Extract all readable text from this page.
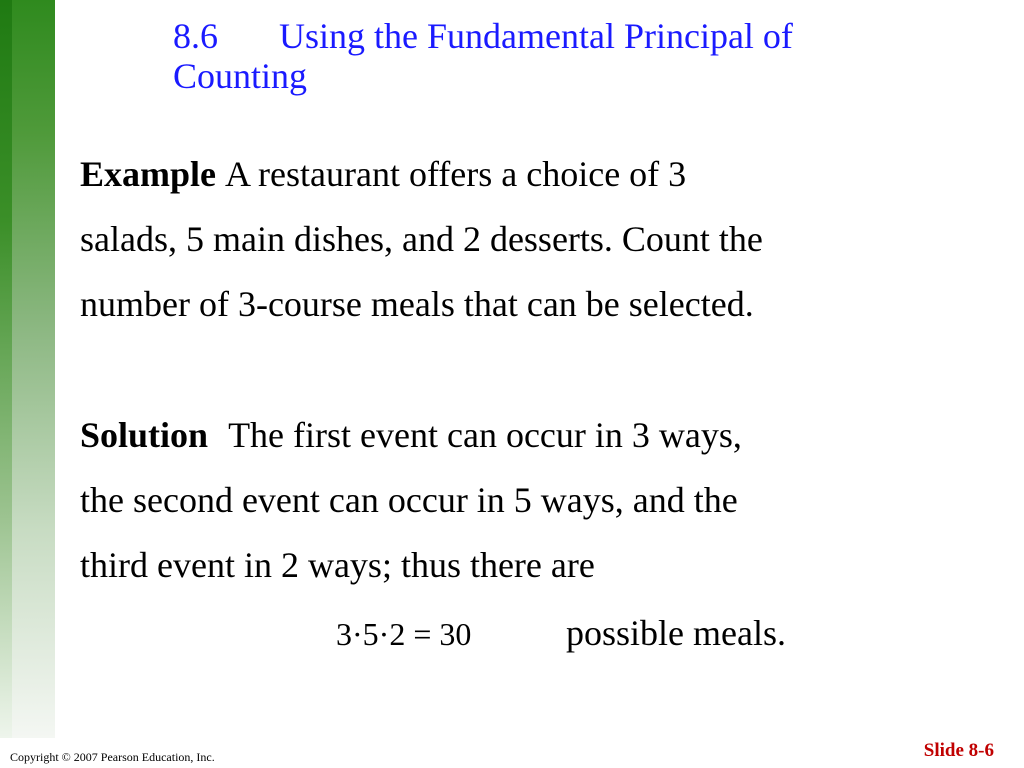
8.6 Using the Fundamental Principal of
Counting

Example A restaurant offers a choice of 3
salads, 5 main dishes, and 2 desserts. Count the
number of 3-course meals that can be selected.

Solution The first event can occur in 3 ways,
the second event can occur in 5 ways, and the
third event in 2 ways; thus there are

3·5·2 = 30	possible meals.
Copyright © 2007 Pearson Education, Inc.	Slide 8-6
